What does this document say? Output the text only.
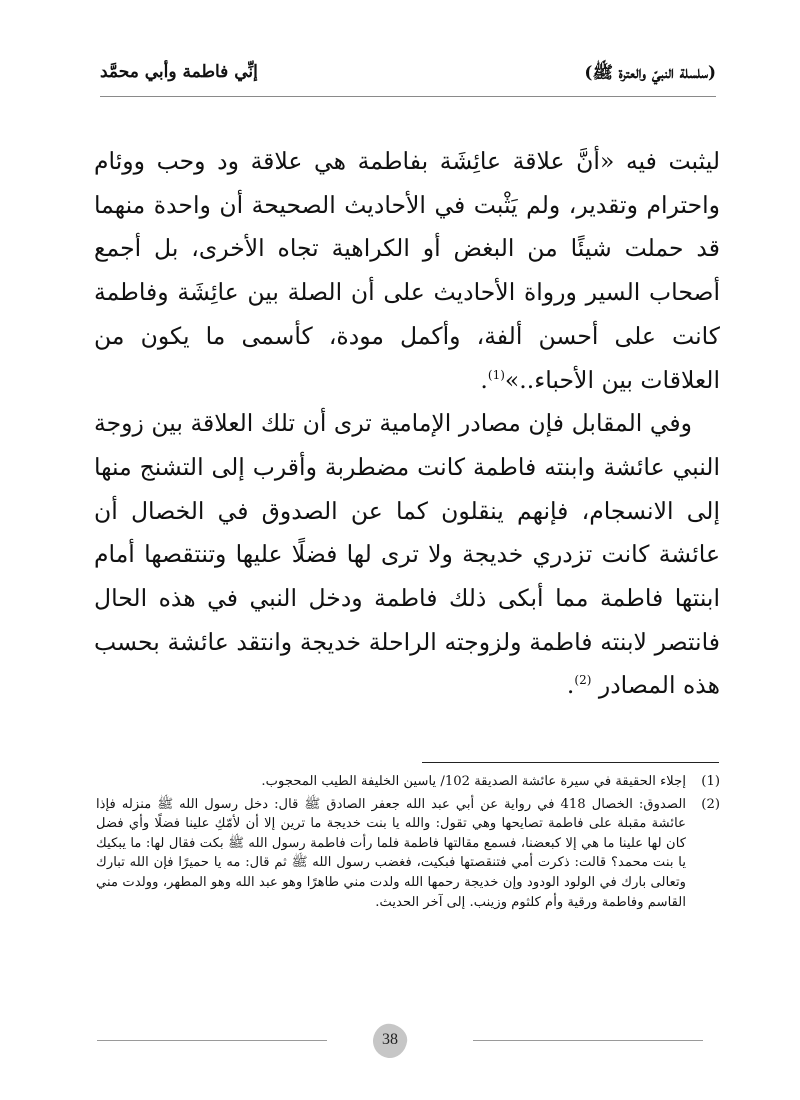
(سلسلة النبيّ والعترة ﷺ)
إنِّي فاطمة وأبي محمَّد

ليثبت فيه «أنَّ علاقة عائِشَة بفاطمة هي علاقة ود وحب ووئام واحترام وتقدير، ولم يَثْبت في الأحاديث الصحيحة أن واحدة منهما قد حملت شيئًا من البغض أو الكراهية تجاه الأخرى، بل أجمع أصحاب السير ورواة الأحاديث على أن الصلة بين عائِشَة وفاطمة كانت على أحسن ألفة، وأكمل مودة، كأسمى ما يكون من العلاقات بين الأحباء..»$^{(1)}$.

وفي المقابل فإن مصادر الإمامية ترى أن تلك العلاقة بين زوجة النبي عائشة وابنته فاطمة كانت مضطربة وأقرب إلى التشنج منها إلى الانسجام، فإنهم ينقلون كما عن الصدوق في الخصال أن عائشة كانت تزدري خديجة ولا ترى لها فضلًا عليها وتنتقصها أمام ابنتها فاطمة مما أبكى ذلك فاطمة ودخل النبي في هذه الحال فانتصر لابنته فاطمة ولزوجته الراحلة خديجة وانتقد عائشة بحسب هذه المصادر $^{(2)}$.

(1)
إجلاء الحقيقة في سيرة عائشة الصديقة 102/ ياسين الخليفة الطيب المحجوب.
(2)
الصدوق: الخصال 418 في رواية عن أبي عبد الله جعفر الصادق ﷺ قال: دخل رسول الله ﷺ منزله فإذا عائشة مقبلة على فاطمة تصايحها وهي تقول: والله يا بنت خديجة ما ترين إلا أن لأمّكِ علينا فضلًا وأي فضل كان لها علينا ما هي إلا كبعضنا، فسمع مقالتها فاطمة فلما رأت فاطمة رسول الله ﷺ بكت فقال لها: ما يبكيك يا بنت محمد؟ قالت: ذكرت أمي فتنقصتها فبكيت، فغضب رسول الله ﷺ ثم قال: مه يا حميرًا فإن الله تبارك وتعالى بارك في الولود الودود وإن خديجة رحمها الله ولدت مني طاهرًا وهو عبد الله وهو المطهر، وولدت مني القاسم وفاطمة ورقية وأم كلثوم وزينب. إلى آخر الحديث.
38
